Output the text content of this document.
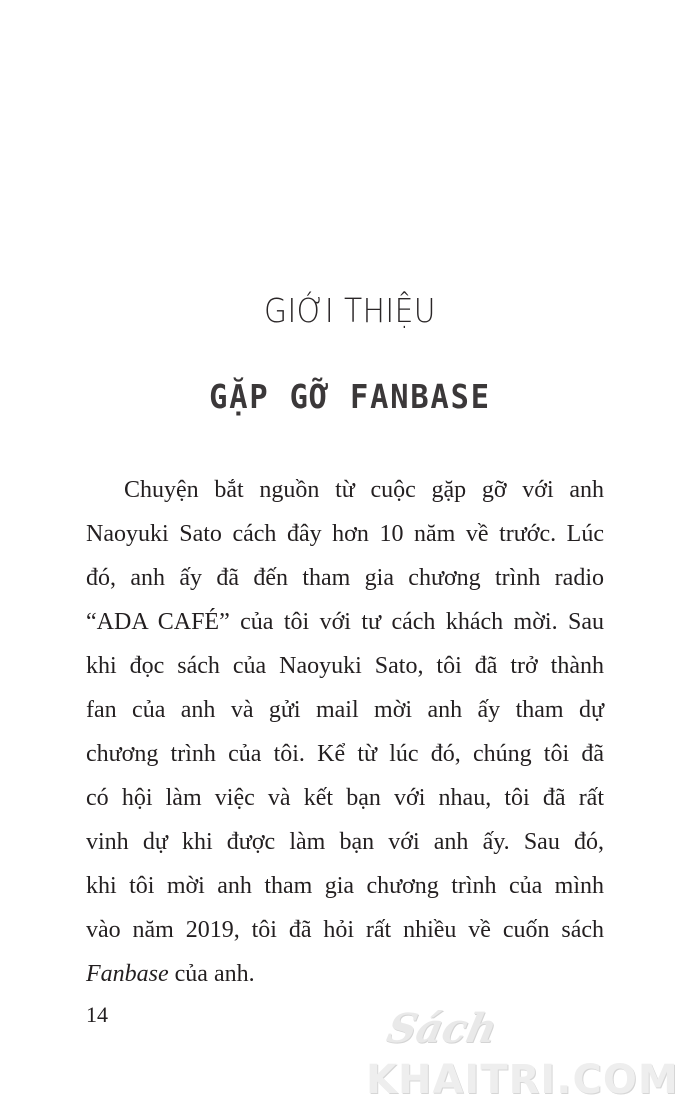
GIỚI THIỆU
GẶP GỠ FANBASE
Chuyện bắt nguồn từ cuộc gặp gỡ với anh
Naoyuki Sato cách đây hơn 10 năm về trước. Lúc
đó, anh ấy đã đến tham gia chương trình radio
“ADA CAFÉ” của tôi với tư cách khách mời. Sau
khi đọc sách của Naoyuki Sato, tôi đã trở thành
fan của anh và gửi mail mời anh ấy tham dự
chương trình của tôi. Kể từ lúc đó, chúng tôi đã
có hội làm việc và kết bạn với nhau, tôi đã rất
vinh dự khi được làm bạn với anh ấy. Sau đó,
khi tôi mời anh tham gia chương trình của mình
vào năm 2019, tôi đã hỏi rất nhiều về cuốn sách
Fanbase của anh.
14	Sách
KHAITRI.COM
